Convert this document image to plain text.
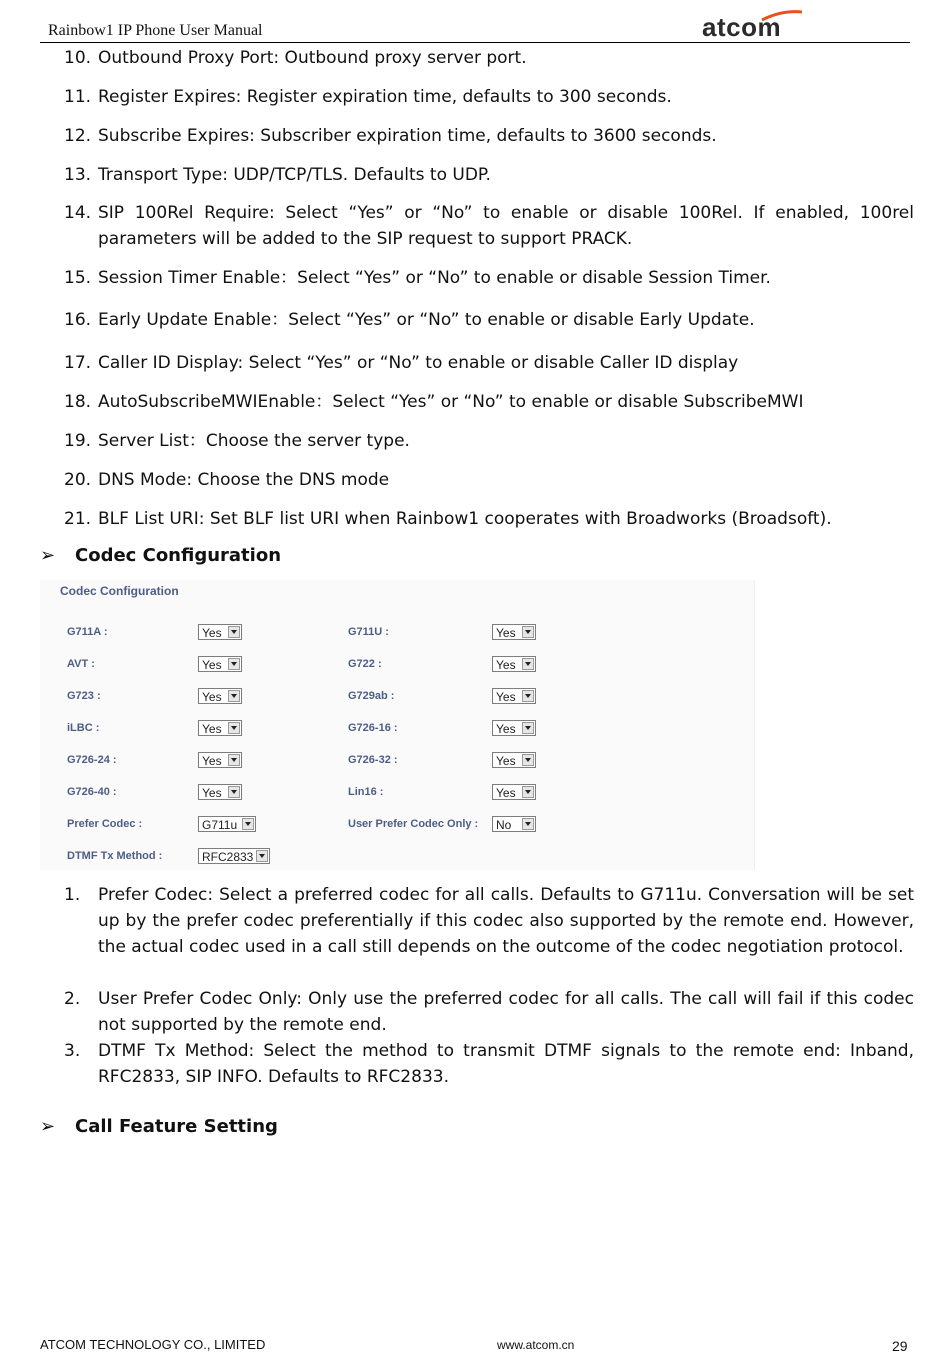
Rainbow1 IP Phone User Manual	atcom
10. Outbound Proxy Port: Outbound proxy server port.
11. Register Expires: Register expiration time, defaults to 300 seconds.
12. Subscribe Expires: Subscriber expiration time, defaults to 3600 seconds.
13. Transport Type: UDP/TCP/TLS. Defaults to UDP.
14. SIP 100Rel Require: Select “Yes” or “No” to enable or disable 100Rel. If enabled, 100rel parameters will be added to the SIP request to support PRACK.
15. Session Timer Enable：Select “Yes” or “No” to enable or disable Session Timer.
16. Early Update Enable：Select “Yes” or “No” to enable or disable Early Update.
17. Caller ID Display: Select “Yes” or “No” to enable or disable Caller ID display
18. AutoSubscribeMWIEnable：Select “Yes” or “No” to enable or disable SubscribeMWI
19. Server List：Choose the server type.
20. DNS Mode: Choose the DNS mode
21. BLF List URI: Set BLF list URI when Rainbow1 cooperates with Broadworks (Broadsoft).
➢ Codec Configuration
Codec Configuration
G711A :	Yes	G711U :	Yes
AVT :	Yes	G722 :	Yes
G723 :	Yes	G729ab :	Yes
iLBC :	Yes	G726-16 :	Yes
G726-24 :	Yes	G726-32 :	Yes
G726-40 :	Yes	Lin16 :	Yes
Prefer Codec :	G711u	User Prefer Codec Only : No
DTMF Tx Method :	RFC2833
1. Prefer Codec: Select a preferred codec for all calls. Defaults to G711u. Conversation will be set up by the prefer codec preferentially if this codec also supported by the remote end. However, the actual codec used in a call still depends on the outcome of the codec negotiation protocol.
2. User Prefer Codec Only: Only use the preferred codec for all calls. The call will fail if this codec not supported by the remote end.
3. DTMF Tx Method: Select the method to transmit DTMF signals to the remote end: Inband, RFC2833, SIP INFO. Defaults to RFC2833.
➢ Call Feature Setting
ATCOM TECHNOLOGY CO., LIMITED	www.atcom.cn	29
